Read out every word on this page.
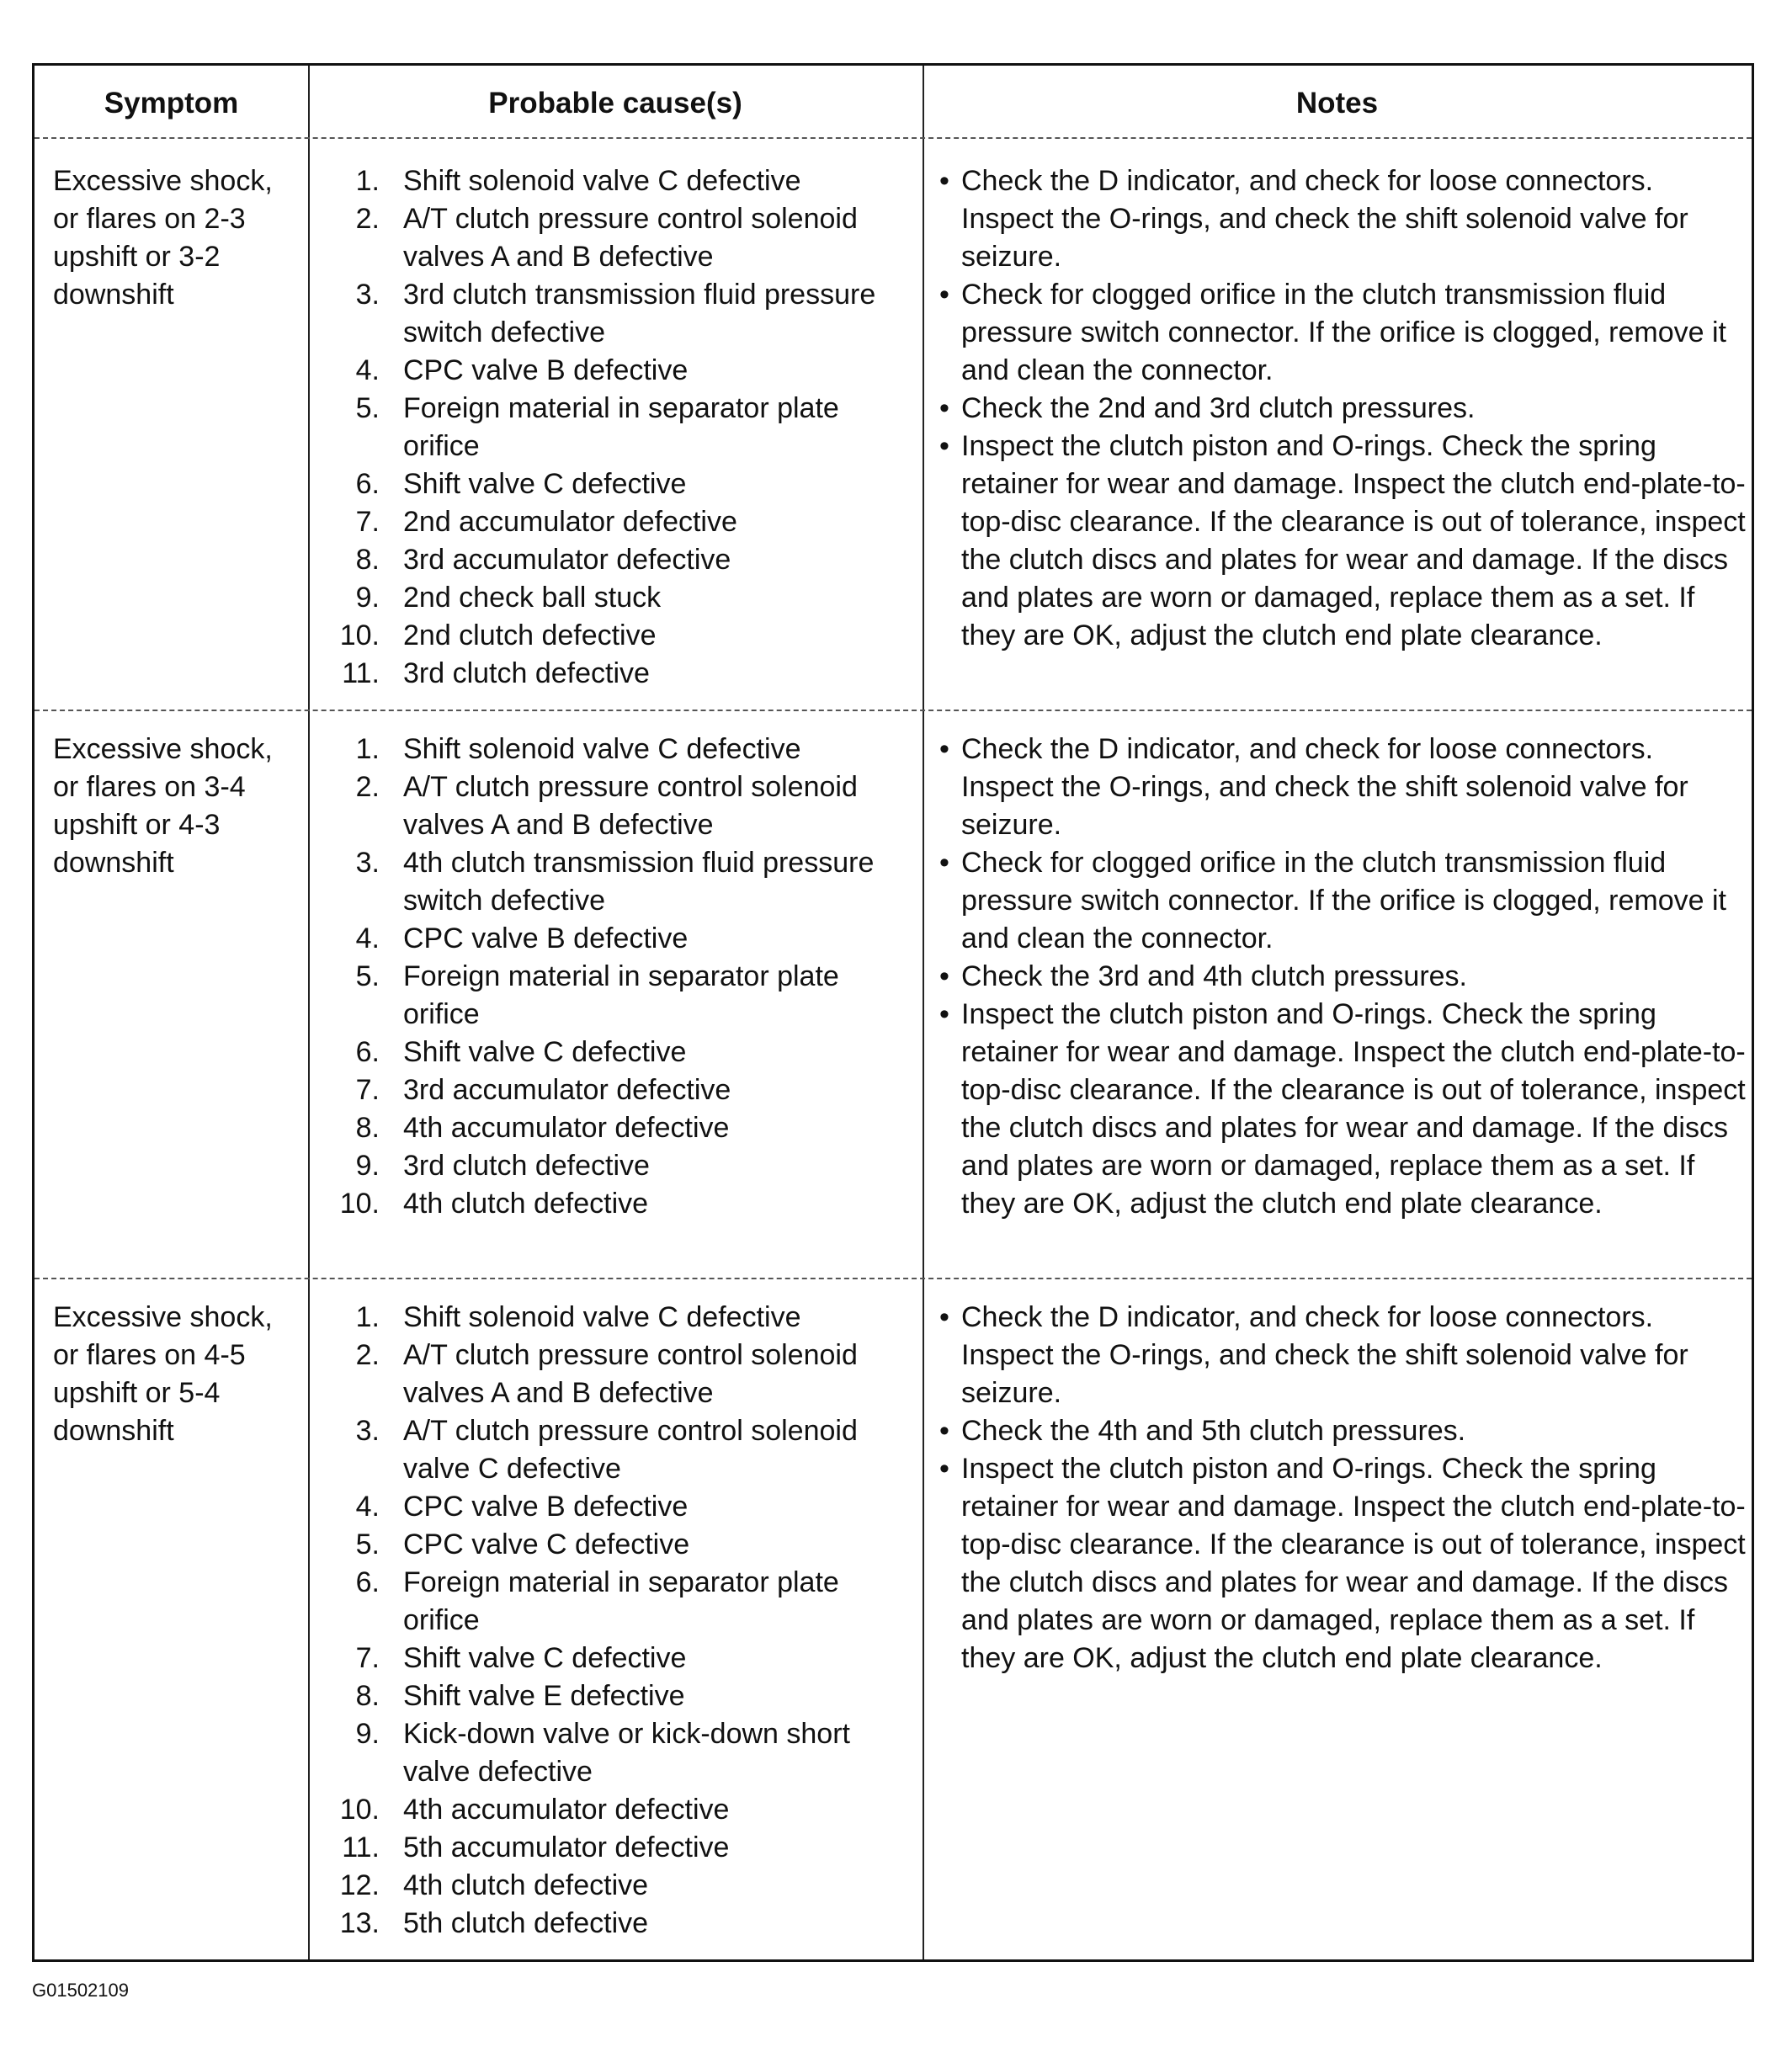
Symptom	Probable cause(s)	Notes
Excessive shock, or flares on 2-3 upshift or 3-2 downshift
1. Shift solenoid valve C defective
2. A/T clutch pressure control solenoid valves A and B defective
3. 3rd clutch transmission fluid pressure switch defective
4. CPC valve B defective
5. Foreign material in separator plate orifice
6. Shift valve C defective
7. 2nd accumulator defective
8. 3rd accumulator defective
9. 2nd check ball stuck
10. 2nd clutch defective
11. 3rd clutch defective
• Check the D indicator, and check for loose connectors. Inspect the O-rings, and check the shift solenoid valve for seizure.
• Check for clogged orifice in the clutch transmission fluid pressure switch connector. If the orifice is clogged, remove it and clean the connector.
• Check the 2nd and 3rd clutch pressures.
• Inspect the clutch piston and O-rings. Check the spring retainer for wear and damage. Inspect the clutch end-plate-to-top-disc clearance. If the clearance is out of tolerance, inspect the clutch discs and plates for wear and damage. If the discs and plates are worn or damaged, replace them as a set. If they are OK, adjust the clutch end plate clearance.
Excessive shock, or flares on 3-4 upshift or 4-3 downshift
1. Shift solenoid valve C defective
2. A/T clutch pressure control solenoid valves A and B defective
3. 4th clutch transmission fluid pressure switch defective
4. CPC valve B defective
5. Foreign material in separator plate orifice
6. Shift valve C defective
7. 3rd accumulator defective
8. 4th accumulator defective
9. 3rd clutch defective
10. 4th clutch defective
• Check the D indicator, and check for loose connectors. Inspect the O-rings, and check the shift solenoid valve for seizure.
• Check for clogged orifice in the clutch transmission fluid pressure switch connector. If the orifice is clogged, remove it and clean the connector.
• Check the 3rd and 4th clutch pressures.
• Inspect the clutch piston and O-rings. Check the spring retainer for wear and damage. Inspect the clutch end-plate-to-top-disc clearance. If the clearance is out of tolerance, inspect the clutch discs and plates for wear and damage. If the discs and plates are worn or damaged, replace them as a set. If they are OK, adjust the clutch end plate clearance.
Excessive shock, or flares on 4-5 upshift or 5-4 downshift
1. Shift solenoid valve C defective
2. A/T clutch pressure control solenoid valves A and B defective
3. A/T clutch pressure control solenoid valve C defective
4. CPC valve B defective
5. CPC valve C defective
6. Foreign material in separator plate orifice
7. Shift valve C defective
8. Shift valve E defective
9. Kick-down valve or kick-down short valve defective
10. 4th accumulator defective
11. 5th accumulator defective
12. 4th clutch defective
13. 5th clutch defective
• Check the D indicator, and check for loose connectors. Inspect the O-rings, and check the shift solenoid valve for seizure.
• Check the 4th and 5th clutch pressures.
• Inspect the clutch piston and O-rings. Check the spring retainer for wear and damage. Inspect the clutch end-plate-to-top-disc clearance. If the clearance is out of tolerance, inspect the clutch discs and plates for wear and damage. If the discs and plates are worn or damaged, replace them as a set. If they are OK, adjust the clutch end plate clearance.
G01502109
